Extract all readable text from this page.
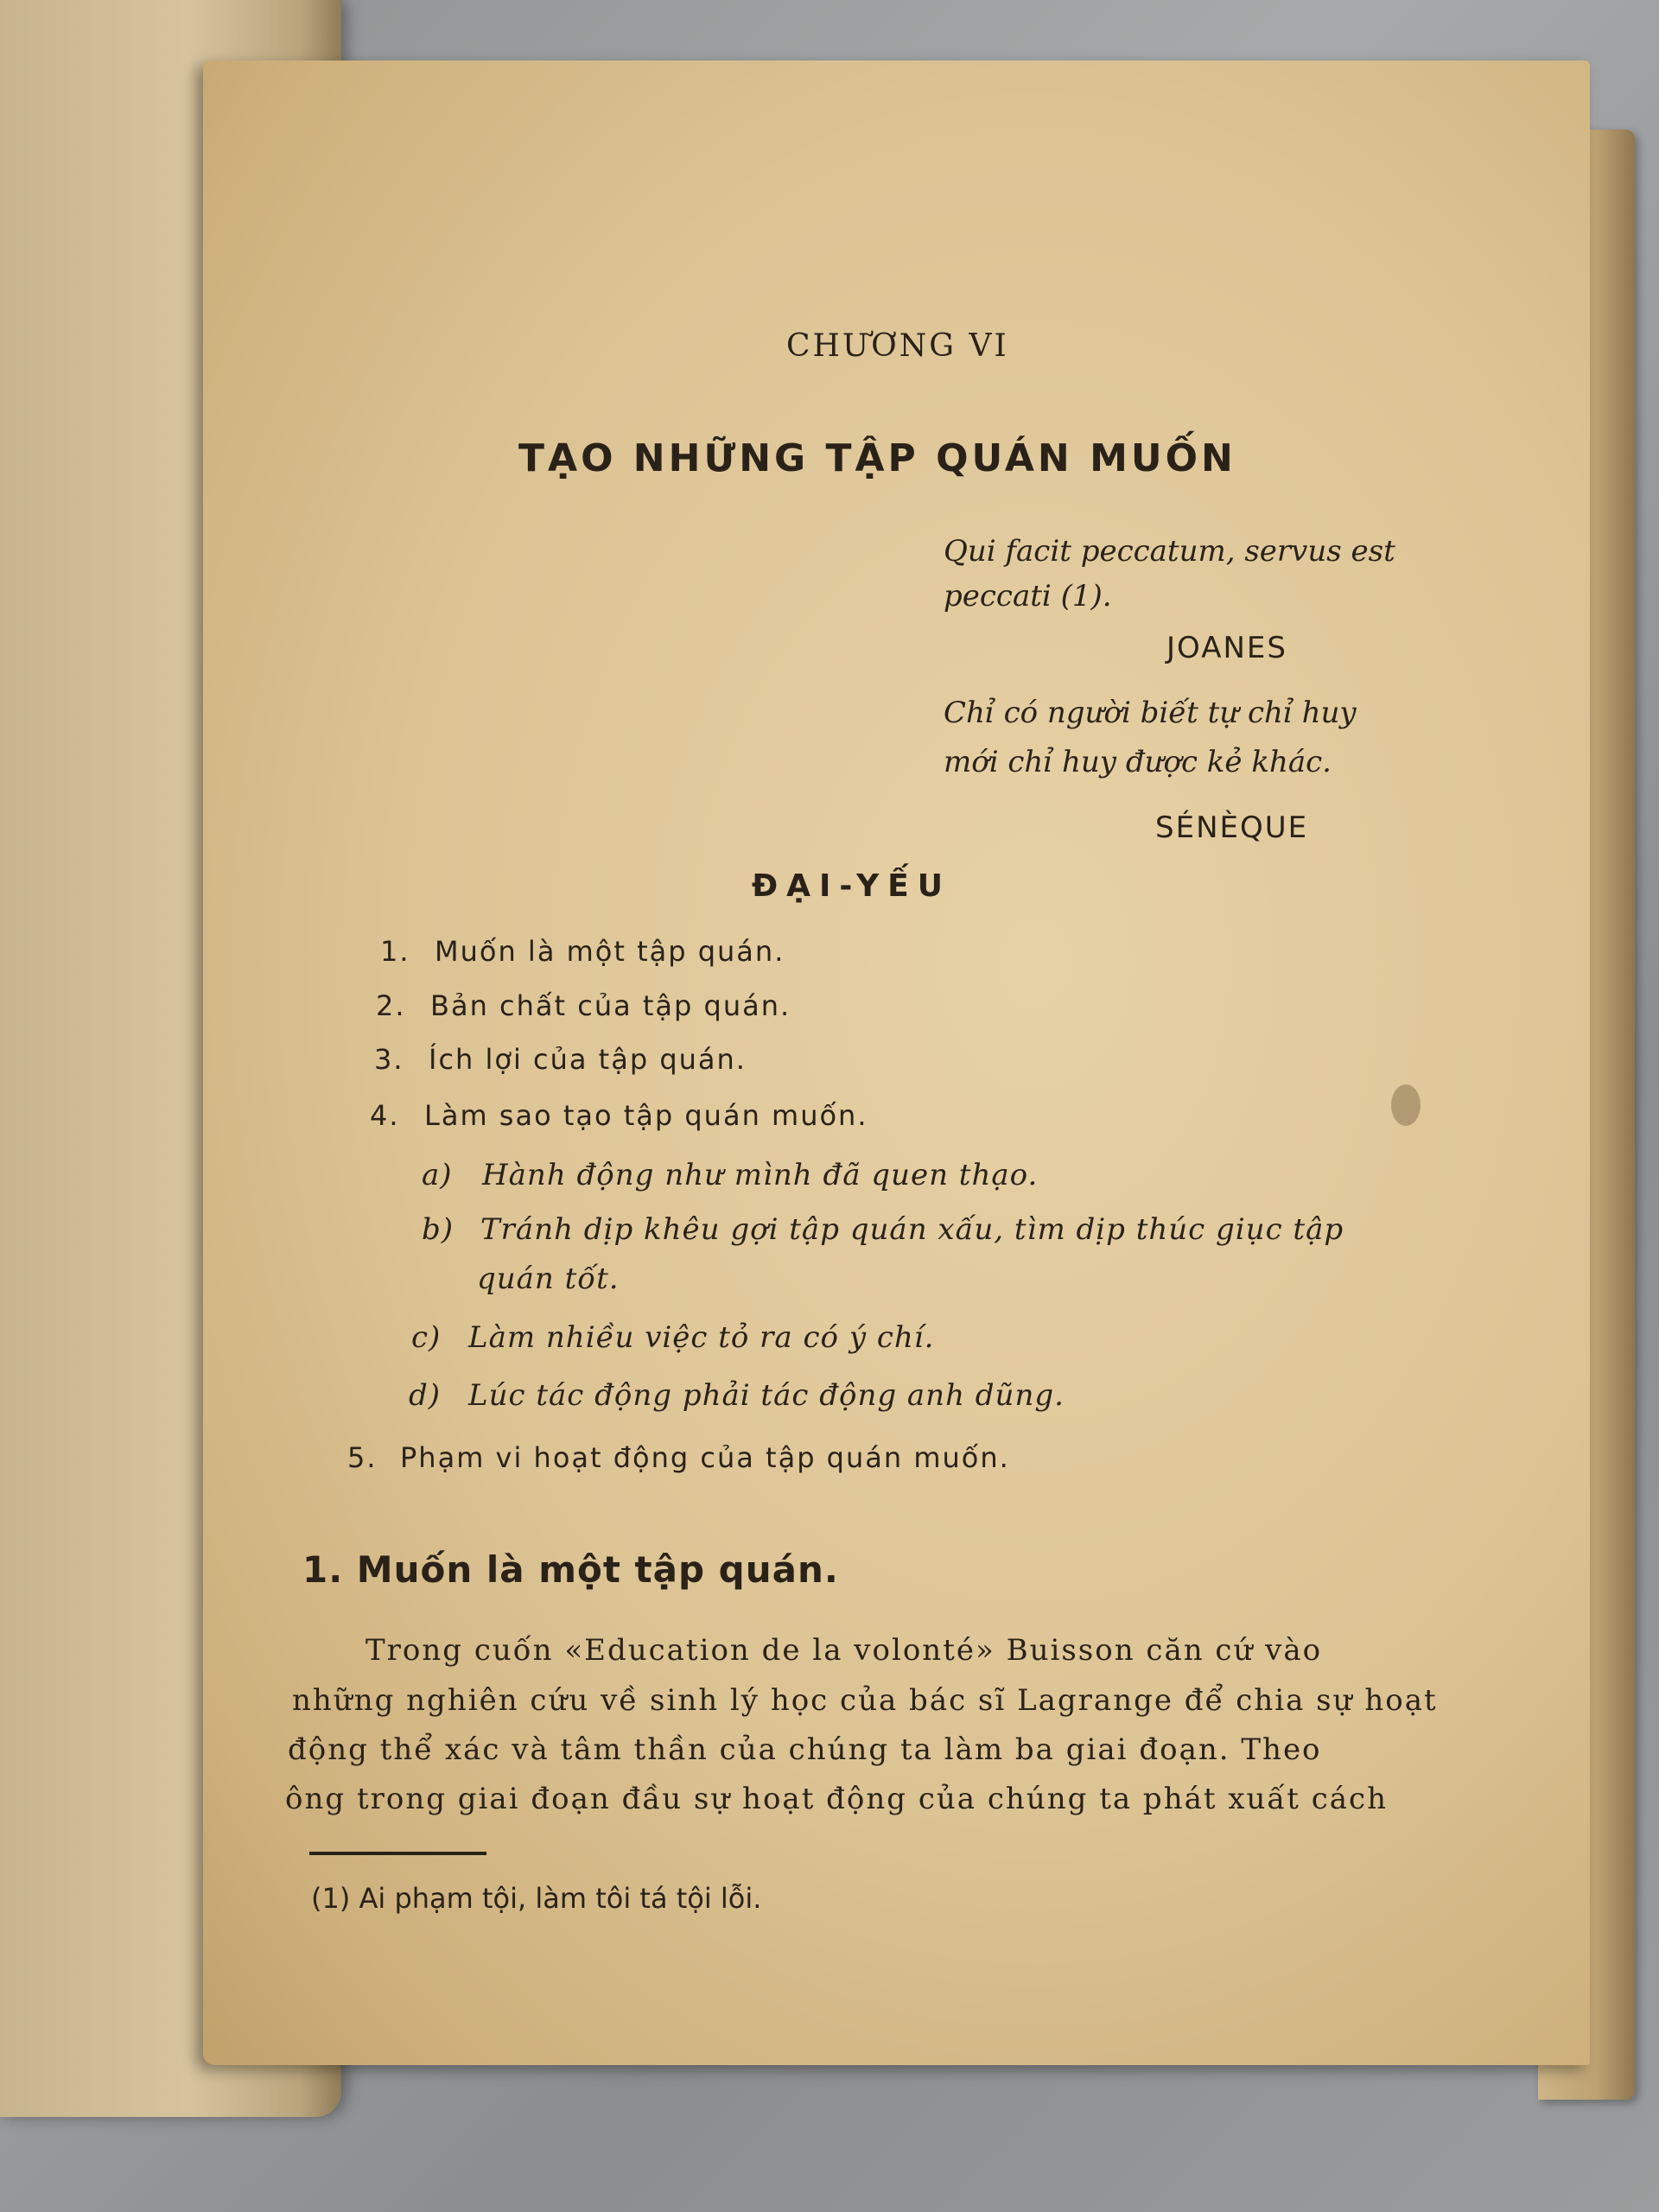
CHƯƠNG VI
TẠO NHỮNG TẬP QUÁN MUỐN
Qui facit peccatum, servus est
peccati (1).
JOANES
Chỉ có người biết tự chỉ huy
mới chỉ huy được kẻ khác.
SÉNÈQUE
ĐẠI-YẾU
1. Muốn là một tập quán.
2. Bản chất của tập quán.
3. Ích lợi của tập quán.
4. Làm sao tạo tập quán muốn.
a) Hành động như mình đã quen thạo.
b) Tránh dịp khêu gợi tập quán xấu, tìm dịp thúc giục tập
quán tốt.
c) Làm nhiều việc tỏ ra có ý chí.
d) Lúc tác động phải tác động anh dũng.
5. Phạm vi hoạt động của tập quán muốn.
1. Muốn là một tập quán.
Trong cuốn «Education de la volonté» Buisson căn cứ vào
những nghiên cứu về sinh lý học của bác sĩ Lagrange để chia sự hoạt
động thể xác và tâm thần của chúng ta làm ba giai đoạn. Theo
ông trong giai đoạn đầu sự hoạt động của chúng ta phát xuất cách
(1) Ai phạm tội, làm tôi tá tội lỗi.
